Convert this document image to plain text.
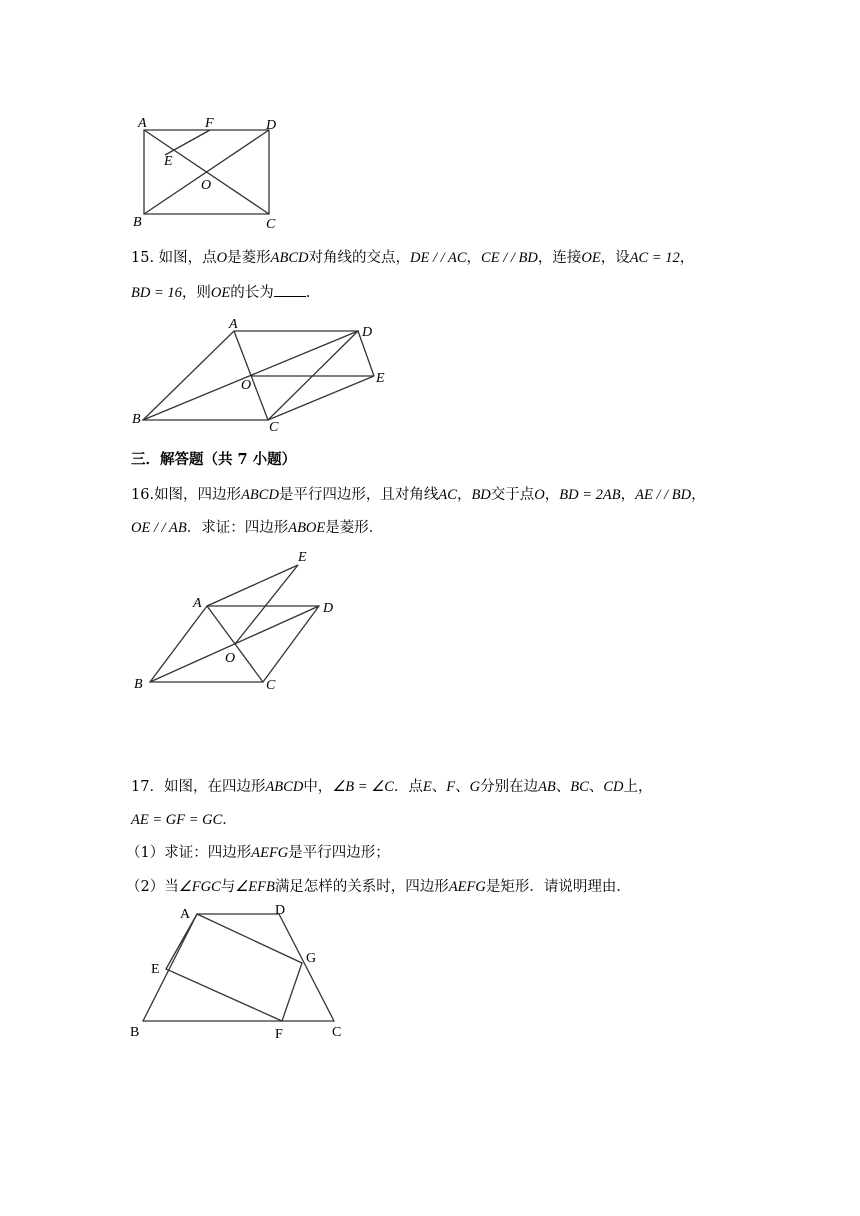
A	F	D
E
O
B	C
15. 如图，点O是菱形ABCD对角线的交点，DE / / AC，CE / / BD，连接OE，设AC = 12，
BD = 16，则OE的长为 .
A
D
O	E
B
C
三．解答题（共 7 小题）
16.如图，四边形ABCD是平行四边形，且对角线AC，BD交于点O，BD = 2AB，AE / / BD，
OE / / AB．求证：四边形ABOE是菱形．
E
A	D
O
B	C
17．如图，在四边形ABCD中，∠B = ∠C．点E、F、G分别在边AB、BC、CD上，
AE = GF = GC．
（1）求证：四边形AEFG是平行四边形；
（2）当∠FGC与∠EFB满足怎样的关系时，四边形AEFG是矩形．请说明理由．
A	D
E
G
B	F	C
